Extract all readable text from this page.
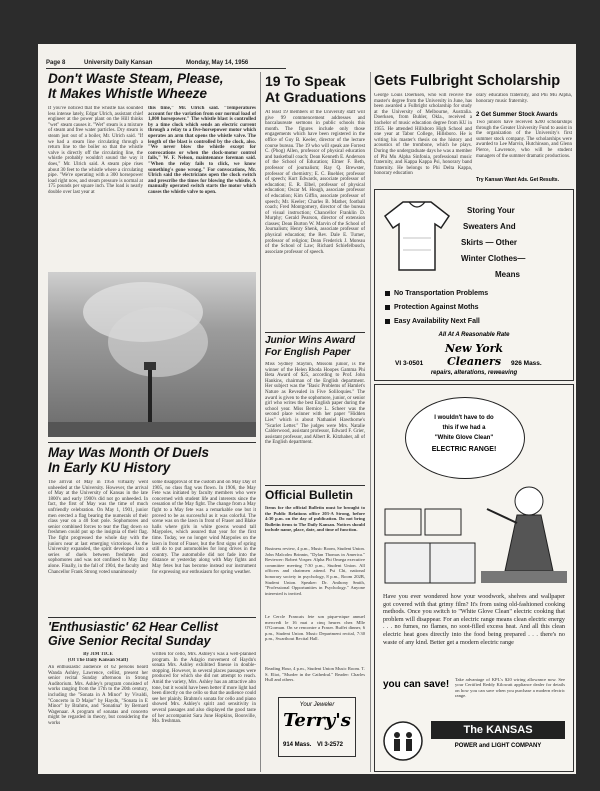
Page 8	University Daily Kansan	Monday, May 14, 1956
Don't Waste Steam, Please,
It Makes Whistle Wheeze
If you've noticed that the whistle has sounded less intense lately, Edgar Ulrich, assistant chief engineer at the power plant on the Hill thinks "wet" steam causes it. "Wet" steam is a mixture of steam and free water particles. Dry steam is steam just out of a boiler, Mr. Ulrich said. "If we had a steam line circulating through a return line to the boiler so that the whistle valve is directly off the circulating line, the whistle probably wouldn't sound the way it does," Mr. Ulrich said. A steam pipe rises about 30 feet to the whistle where a circulating pipe. "We're operating with a 300 horsepower load right now, and steam pressure is normal at 175 pounds per square inch. The load is nearly double over last year at
this time," Mr. Ulrich said. "Temperatures account for the variation from our normal load of 1,800 horsepower." The whistle blast is controlled by a time clock which sends an electric current through a relay to a five-horsepower motor which operates an arm that opens the whistle valve. The length of the blast is controlled by the clock, also. "We never blow the whistle except for convocations or when the clock-motor control fails," W. F. Nelson, maintenance foreman said. "When the relay fails to click, we know something's gone wrong." For convocations, Mr. Ulrich said the electricians open the clock switch and prescribe the times for blowing the whistle. A manually operated switch starts the motor which causes the whistle valve to open.
May Was Month Of Duels
In Early KU History
The arrival of May in 1956 virtually went unheeded at the University. However, the arrival of May at the University of Kansas in the late 1800's and early 1900's did not go unheeded. In fact, the first of May was the time of much unfriendly celebration. On May 1, 1901, junior men erected a flag bearing the numerals of their class year on a 40 foot pole. Sophomores and senior combined forces to tear the flag down so freshmen could put up the insignia of their flag. The fight progressed the whole day with the juniors near at last emerging victorious. As the University expanded, the spirit developed into a series of duels between freshmen and sophomores and was not confined to May Day alone. Finally, in the fall of 1904, the faculty and Chancellor Frank Strong voted unanimously
some disapproval of the custom and on May Day of 1905, no class flag was flown. In 1906, the May Fete was initiated by faculty members who were concerned with student life and interests since the cessation of the May fight. The change from a May fight to a May fete was a remarkable one but it proved to be as successful as it was colorful. The scene was on the lawn in front of Fraser and Blake halls where girls in white gowns wound tall Maypoles, which assured that year for the first time. Today, we no longer wind Maypoles on the lawn in front of Fraser, but the first signs of spring still do to put automobiles for long drives in the country. The automobile did not fade into the distance or yesterday along with May fights and May fetes but has become instead our instrument for expressing our enthusiasm for spring weather.
'Enthusiastic' 62 Hear Cellist
Give Senior Recital Sunday
By JIM TICE
(Of The Daily Kansan Staff)
An enthusiastic audience of 62 persons heard Wanda Ashley, Lawrence, cellist, present her senior recital Sunday afternoon in Strong Auditorium. Mrs. Ashley's program consisted of works ranging from the 17th to the 20th century, including the "Sonata in A Minor" by Vivaldi, "Concerto in D Major" by Haydn, "Sonata in E Minor" by Brahms, and "Sonatina" by Bernard Wagenaar. A program of sonatas and concerto might be regarded in theory, but considering the works
written for cello, Mrs. Ashley's was a well-planned program. In the Adagio movement of Haydn's sonata Mrs. Ashley exhibited finesse in double-stopping. However, in several places passages were produced for which she did not attempt to reach. Amid the variety, Mrs. Ashley has an attractive alto tone, but it would have been better if more light had been directly on the cello so that the audience could see her plainly. Brahms's sonata for cello and piano showed Mrs. Ashley's spirit and sensitivity in several passages and also displayed the good taste of her accompanist Sara June Hopkins, Boonville, Mo. freshman.
19 To Speak
At Graduations
At least 19 members of the University staff will give 99 commencement addresses and baccalaureate sermons in public schools this month. The figures include only those engagements which have been registered in the office of Guy B. Keeler, director of the lecture course bureau. The 19 who will speak are Forrest C. (Phog) Allen, professor of physical education and basketball coach; Dean Kenneth E. Anderson of the School of Education; Elmer F. Beth, professor of journalism; Ray Q. Brewster, professor of chemistry; E. C. Buehler, professor of speech; Kurt Edwards, associate professor of education; E. R. Elbel, professor of physical education; Oscar M. Hough, associate professor of education; Kim Giffin, associate professor of speech; Mr. Keeler; Charles B. Mather, football coach; Fred Montgomery, director of the bureau of visual instruction; Chancellor Franklin D. Murphy; Gerald Pearson, director of extension classes; Dean Burton W. Marvin of the School of Journalism; Henry Shenk, associate professor of physical education; the Rev. Dale E. Turner, professor of religion; Dean Frederick J. Moreau of the School of Law; Richard Schiefelbusch, associate professor of speech.
Junior Wins Award
For English Paper
Miss Sydney Stayton, Missoni junior, is the winner of the Helen Rhoda Hoopes Gamma Phi Beta Award of $25, according to Prof. John Hankins, chairman of the English department. Her subject was the "Basic Problems of Hamlet's Nature as Revealed in Five Soliloquies." The award is given to the sophomore, junior, or senior girl who writes the best English paper during the school year. Miss Bernice L. Scheer was the second place winner with her paper "Hidden Lies" which is about Nathaniel Hawthorne's "Scarlet Letter." The judges were Mrs. Natalie Calderwood, assistant professor, Edward F. Grier, assistant professor, and Albert R. Kitzhaber, all of the English department.
Official Bulletin
Items for the official Bulletin must be brought to the Public Relations office 203-A Strong, before 4:30 p.m. on the day of publication. Do not bring Bulletin items to The Daily Kansan. Notices should include name, place, date, and time of function.
Business review, 4 p.m., Music Room, Student Union. John Malcolm Brinnin, "Dylan Thomas in America." Reviewer: Robert Vosper. Alpha Phi Omega executive committee meeting 7:30 p.m., Student Union. All officers and chairmen attend. Psi Chi, national honorary society in psychology, 8 p.m., Room 202B, Student Union. Speaker: Dr. Anthony Smith, "Professional Opportunities in Psychology." Anyone interested is invited.
Le Cercle Francais fete son pique-nique annuel mercredi le 16 mai a cinq heures chez Mlle O'Gorman. On se rencontre a Fraser. Buffet dinner, 6 p.m., Student Union. Music Department recital, 7:30 p.m., Swarthout Recital Hall.
Reading Hour, 4 p.m., Student Union Music Room. T. S. Eliot, "Murder in the Cathedral." Reader: Charles Hull and others.
Your Jeweler
Terry's
914 Mass. VI 3-2572
Gets Fulbright Scholarship
George Louis Doerksen, who will receive the master's degree from the University in June, has been awarded a Fulbright scholarship for study at the University of Melbourne, Australia. Doerksen, from Buhler, Okla., received a bachelor of music education degree from KU in 1955. He attended Hillsboro High School and one year at Tabor College, Hillsboro. He is writing his master's thesis on the history and acoustics of the trombone, which he plays. During the undergraduate days he was a member of Phi Mu Alpha Sinfonia, professional music fraternity, and Kappa Kappa Psi, honorary band fraternity. He belongs to Phi Delta Kappa, honorary education
orary education fraternity, and Phi Mu Alpha, honorary music fraternity.
2 Get Summer Stock Awards
Two juniors have received $200 scholarships through the Greater University Fund to assist in the organization of the University's first summer stock company. The scholarships were awarded to Lee Marvin, Hutchinson, and Glenn Pierce, Lawrence, who will be student managers of the summer dramatic productions.
Try Kansan Want Ads. Get Results.
Storing Your
Sweaters And
Skirts — Other
Winter Clothes—
Means
No Transportation Problems
Protection Against Moths
Easy Availability Next Fall
All At A Reasonable Rate
New York Cleaners
VI 3-0501	926 Mass.
repairs, alterations, reweaving
I wouldn't have to do
this if we had a
"White Glove Clean"
ELECTRIC RANGE!
Have you ever wondered how your woodwork, shelves and wallpaper got covered with that grimy film? It's from using old-fashioned cooking methods. Once you switch to "White Glove Clean" electric cooking that problem will disappear. For an electric range means clean electric energy . . . no fumes, no flames, no soot-filled excess heat. And all this clean electric heat goes directly into the food being prepared . . . there's no waste of any kind. Better get a modern electric range
you can save! Take advantage of KPL's $20 wiring allowance now. See your Certified Reddy Kilowatt appliance dealer for details on how you can save when you purchase a modern electric range.
The KANSAS
POWER and LIGHT COMPANY
